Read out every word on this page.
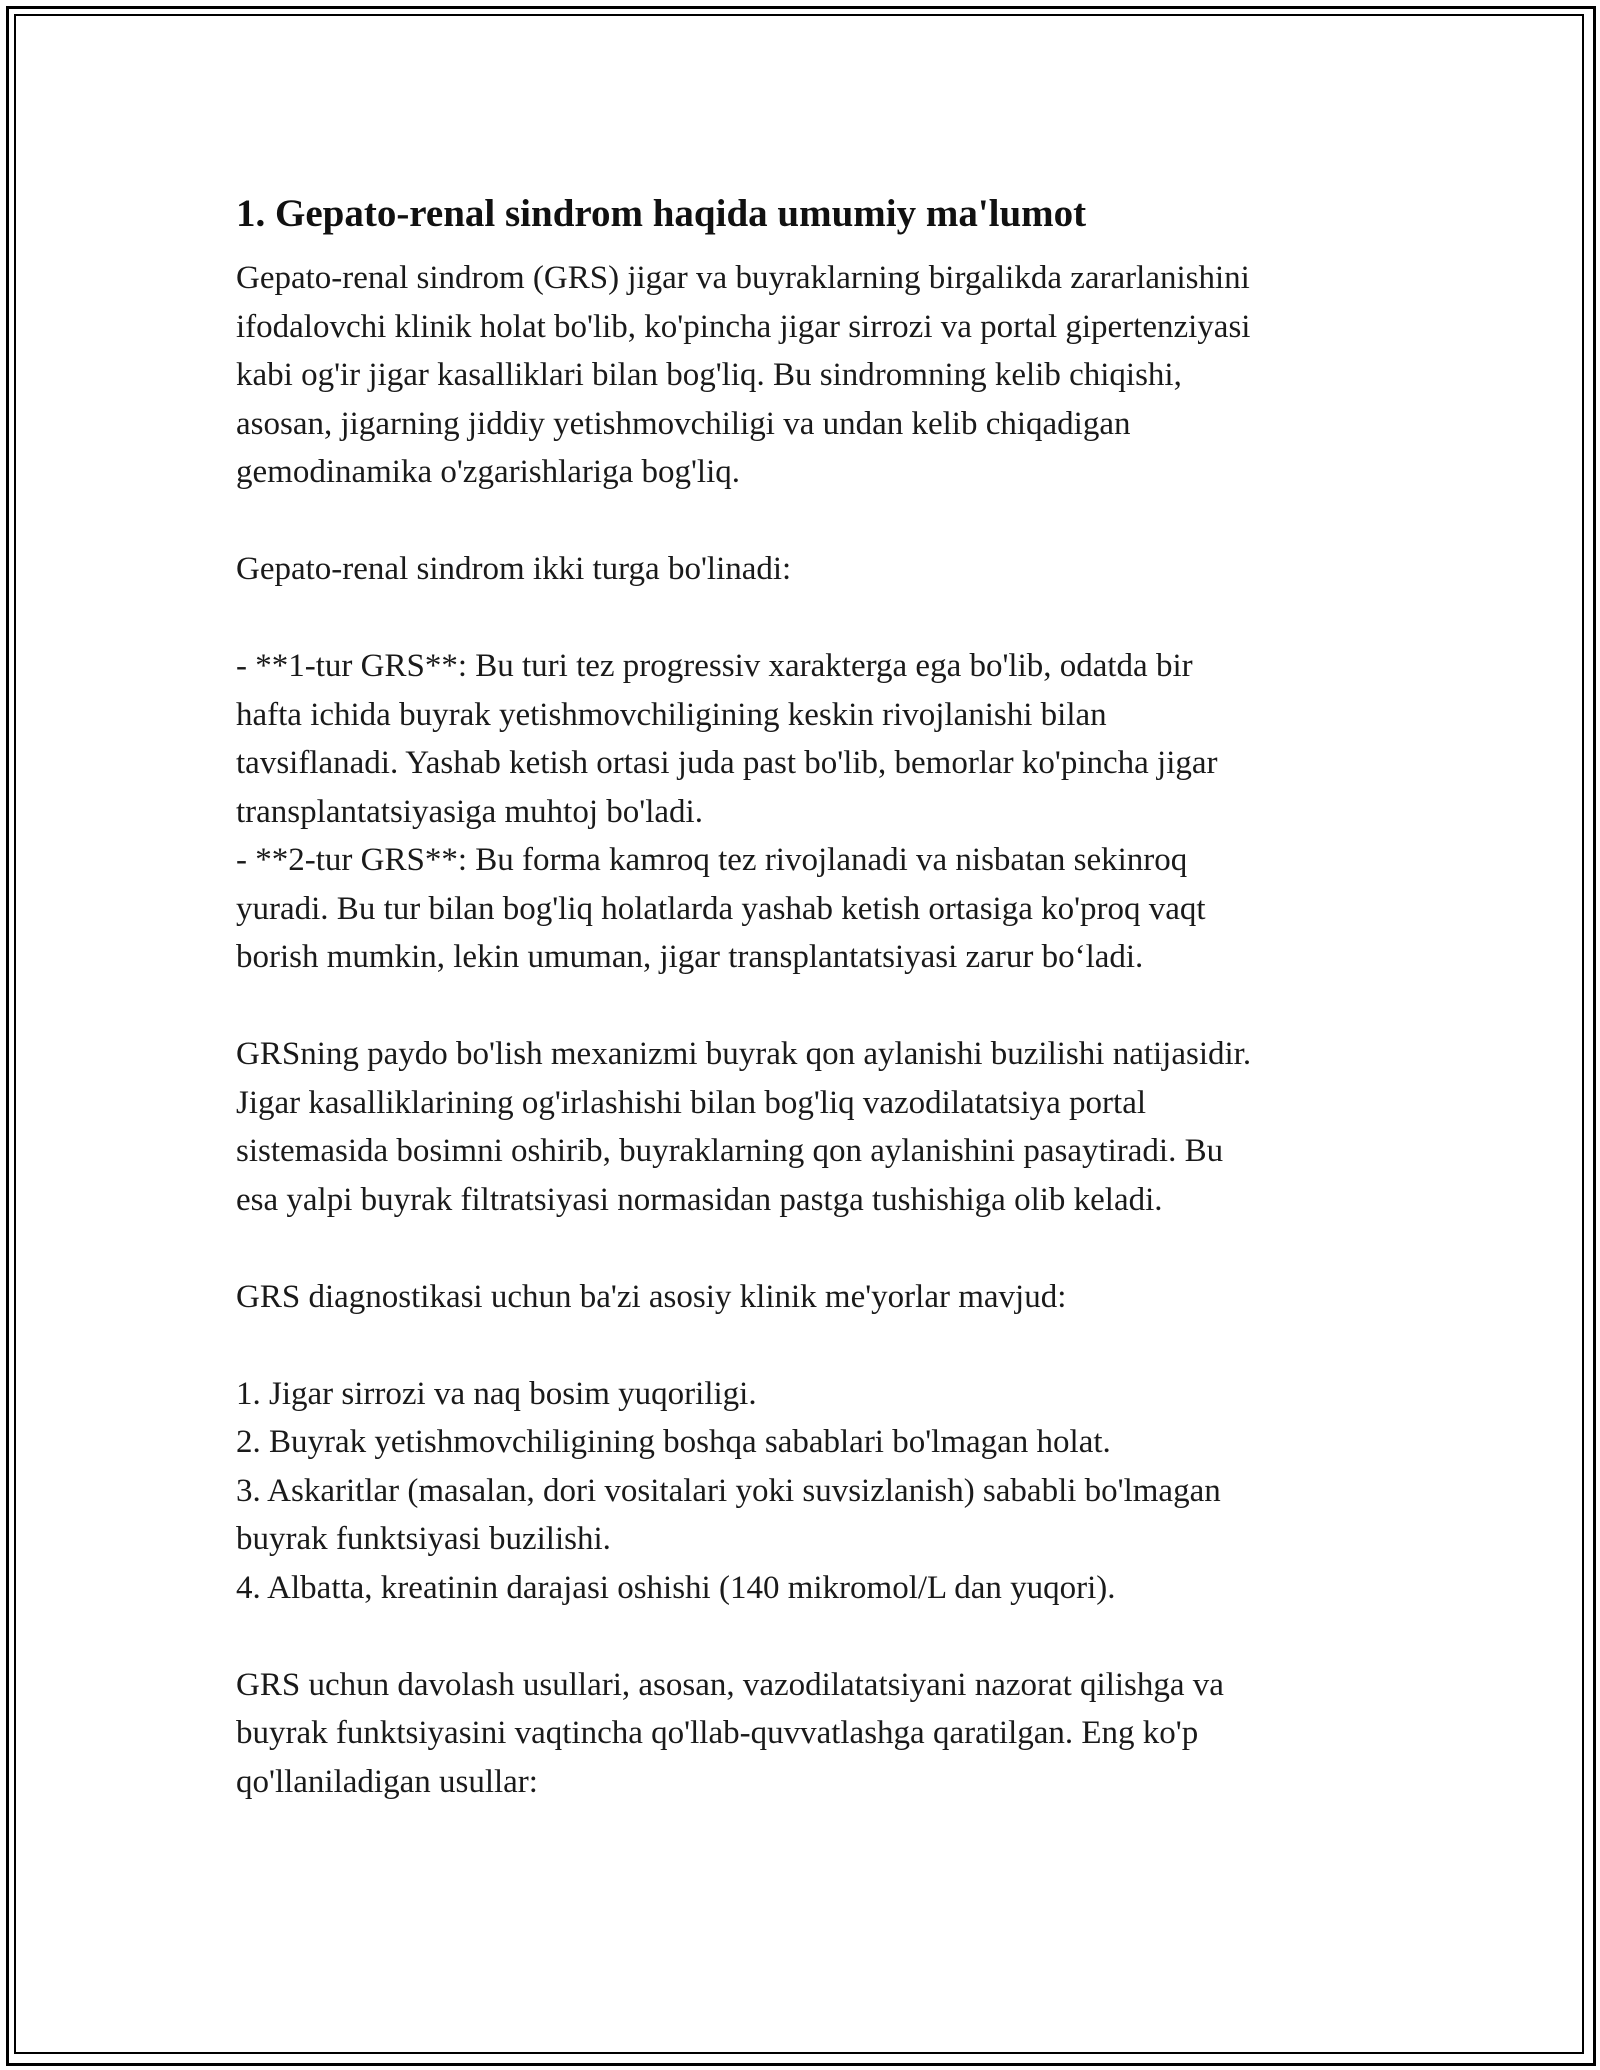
1. Gepato-renal sindrom haqida umumiy ma'lumot

Gepato-renal sindrom (GRS) jigar va buyraklarning birgalikda zararlanishini
ifodalovchi klinik holat bo'lib, ko'pincha jigar sirrozi va portal gipertenziyasi
kabi og'ir jigar kasalliklari bilan bog'liq. Bu sindromning kelib chiqishi,
asosan, jigarning jiddiy yetishmovchiligi va undan kelib chiqadigan
gemodinamika o'zgarishlariga bog'liq.

Gepato-renal sindrom ikki turga bo'linadi:

- **1-tur GRS**: Bu turi tez progressiv xarakterga ega bo'lib, odatda bir
hafta ichida buyrak yetishmovchiligining keskin rivojlanishi bilan
tavsiflanadi. Yashab ketish ortasi juda past bo'lib, bemorlar ko'pincha jigar
transplantatsiyasiga muhtoj bo'ladi.
- **2-tur GRS**: Bu forma kamroq tez rivojlanadi va nisbatan sekinroq
yuradi. Bu tur bilan bog'liq holatlarda yashab ketish ortasiga ko'proq vaqt
borish mumkin, lekin umuman, jigar transplantatsiyasi zarur bo‘ladi.

GRSning paydo bo'lish mexanizmi buyrak qon aylanishi buzilishi natijasidir.
Jigar kasalliklarining og'irlashishi bilan bog'liq vazodilatatsiya portal
sistemasida bosimni oshirib, buyraklarning qon aylanishini pasaytiradi. Bu
esa yalpi buyrak filtratsiyasi normasidan pastga tushishiga olib keladi.

GRS diagnostikasi uchun ba'zi asosiy klinik me'yorlar mavjud:

1. Jigar sirrozi va naq bosim yuqoriligi.
2. Buyrak yetishmovchiligining boshqa sabablari bo'lmagan holat.
3. Askaritlar (masalan, dori vositalari yoki suvsizlanish) sababli bo'lmagan
buyrak funktsiyasi buzilishi.
4. Albatta, kreatinin darajasi oshishi (140 mikromol/L dan yuqori).

GRS uchun davolash usullari, asosan, vazodilatatsiyani nazorat qilishga va
buyrak funktsiyasini vaqtincha qo'llab-quvvatlashga qaratilgan. Eng ko'p
qo'llaniladigan usullar:
